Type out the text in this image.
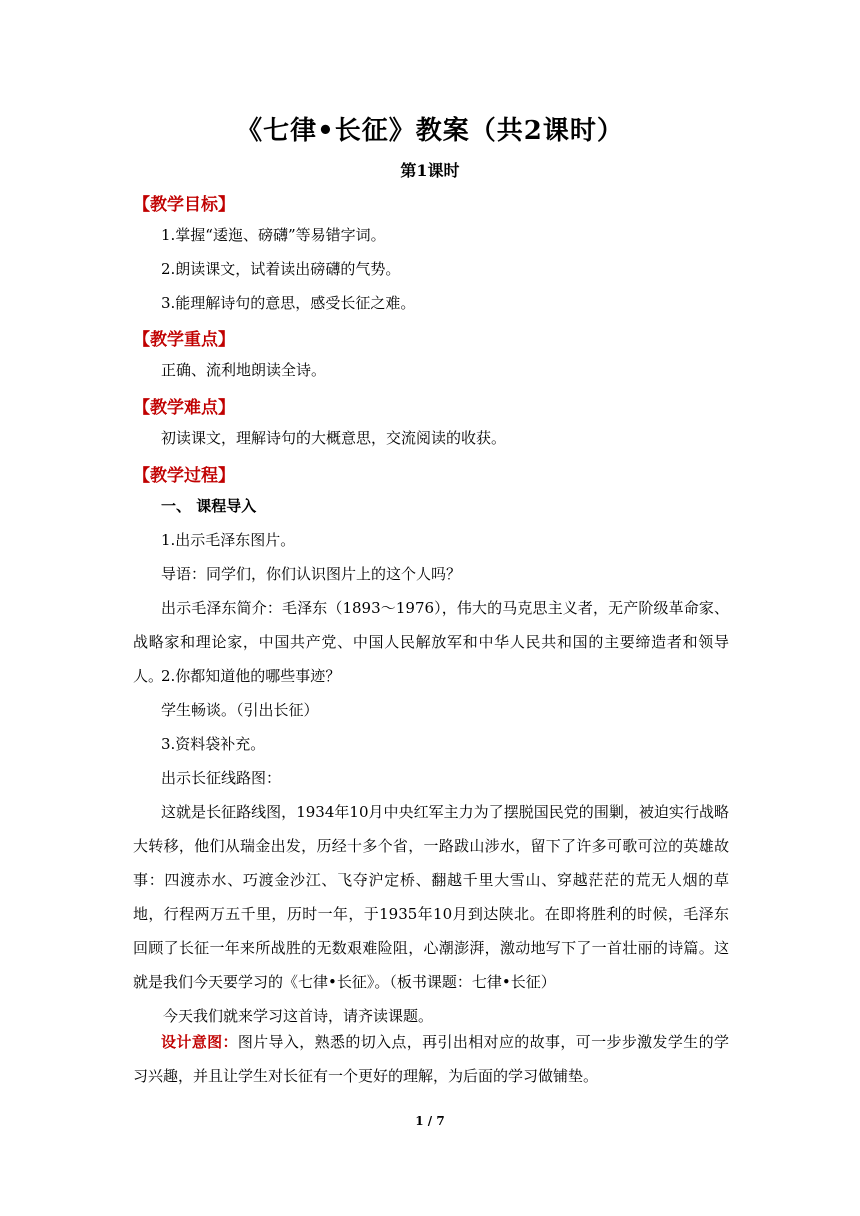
《七律•长征》教案（共2课时）
第1课时
【教学目标】
1.掌握“逶迤、磅礴”等易错字词。
2.朗读课文，试着读出磅礴的气势。
3.能理解诗句的意思，感受长征之难。
【教学重点】
正确、流利地朗读全诗。
【教学难点】
初读课文，理解诗句的大概意思，交流阅读的收获。
【教学过程】
一、 课程导入
1.出示毛泽东图片。
导语：同学们，你们认识图片上的这个人吗？
出示毛泽东简介：毛泽东（1893～1976），伟大的马克思主义者，无产阶级革命家、战略家和理论家，中国共产党、中国人民解放军和中华人民共和国的主要缔造者和领导人。
2.你都知道他的哪些事迹？
学生畅谈。（引出长征）
3.资料袋补充。
出示长征线路图：
这就是长征路线图，1934年10月中央红军主力为了摆脱国民党的围剿，被迫实行战略大转移，他们从瑞金出发，历经十多个省，一路跋山涉水，留下了许多可歌可泣的英雄故事：四渡赤水、巧渡金沙江、飞夺沪定桥、翻越千里大雪山、穿越茫茫的荒无人烟的草地，行程两万五千里，历时一年，于1935年10月到达陕北。在即将胜利的时候，毛泽东回顾了长征一年来所战胜的无数艰难险阻，心潮澎湃，激动地写下了一首壮丽的诗篇。这就是我们今天要学习的《七律•长征》。（板书课题：七律•长征）
今天我们就来学习这首诗，请齐读课题。
设计意图：图片导入，熟悉的切入点，再引出相对应的故事，可一步步激发学生的学习兴趣，并且让学生对长征有一个更好的理解，为后面的学习做铺垫。
1 / 7
